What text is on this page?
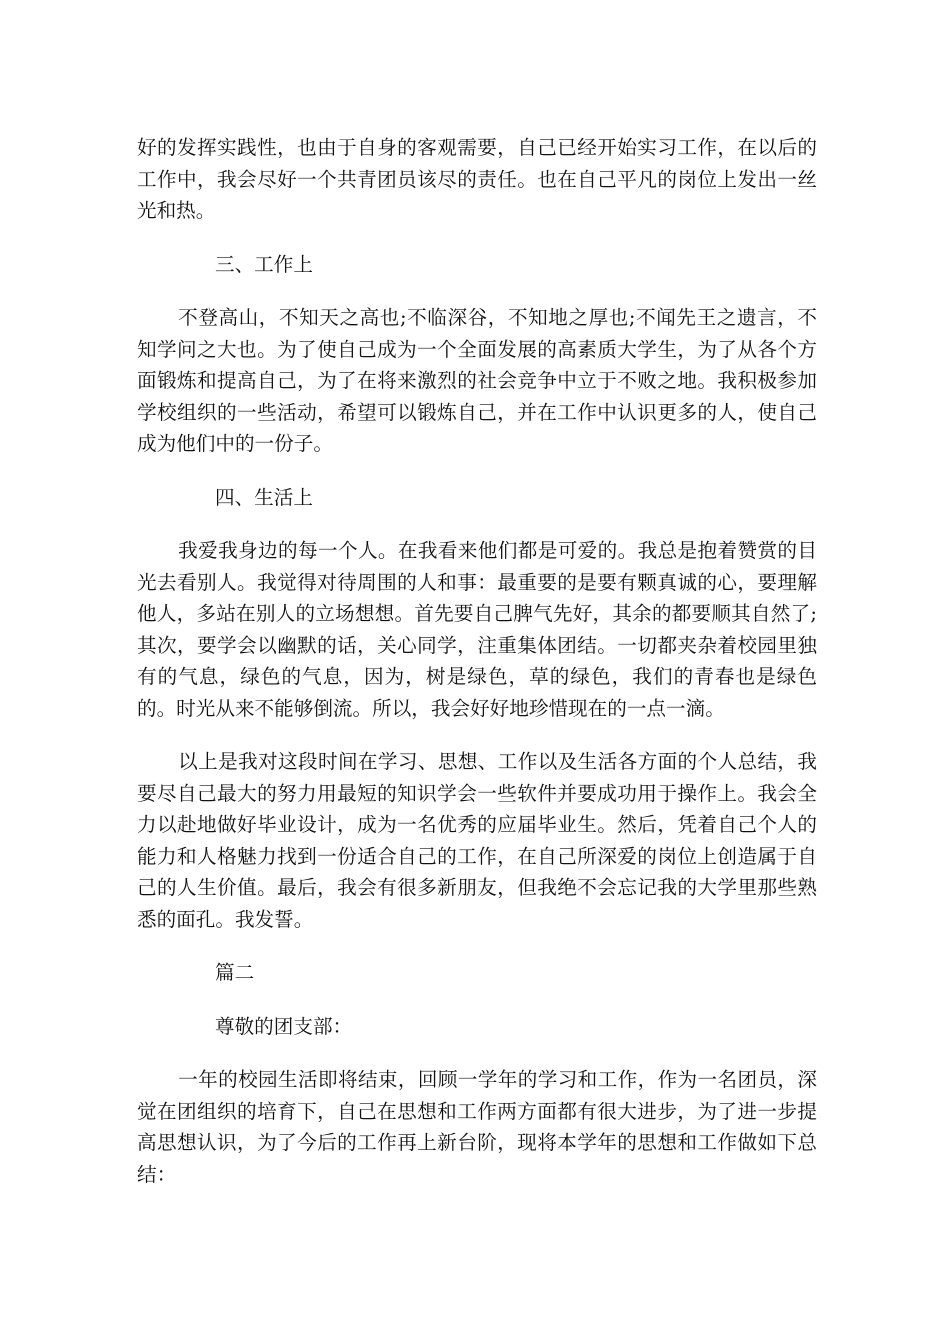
好的发挥实践性，也由于自身的客观需要，自己已经开始实习工作，在以后的工作中，我会尽好一个共青团员该尽的责任。也在自己平凡的岗位上发出一丝光和热。

三、工作上

不登高山，不知天之高也;不临深谷，不知地之厚也;不闻先王之遗言，不知学问之大也。为了使自己成为一个全面发展的高素质大学生，为了从各个方面锻炼和提高自己，为了在将来激烈的社会竞争中立于不败之地。我积极参加学校组织的一些活动，希望可以锻炼自己，并在工作中认识更多的人，使自己成为他们中的一份子。

四、生活上

我爱我身边的每一个人。在我看来他们都是可爱的。我总是抱着赞赏的目光去看别人。我觉得对待周围的人和事：最重要的是要有颗真诚的心，要理解他人，多站在别人的立场想想。首先要自己脾气先好，其余的都要顺其自然了;其次，要学会以幽默的话，关心同学，注重集体团结。一切都夹杂着校园里独有的气息，绿色的气息，因为，树是绿色，草的绿色，我们的青春也是绿色的。时光从来不能够倒流。所以，我会好好地珍惜现在的一点一滴。

以上是我对这段时间在学习、思想、工作以及生活各方面的个人总结，我要尽自己最大的努力用最短的知识学会一些软件并要成功用于操作上。我会全力以赴地做好毕业设计，成为一名优秀的应届毕业生。然后，凭着自己个人的能力和人格魅力找到一份适合自己的工作，在自己所深爱的岗位上创造属于自己的人生价值。最后，我会有很多新朋友，但我绝不会忘记我的大学里那些熟悉的面孔。我发誓。

篇二

尊敬的团支部：

一年的校园生活即将结束，回顾一学年的学习和工作，作为一名团员，深觉在团组织的培育下，自己在思想和工作两方面都有很大进步，为了进一步提高思想认识，为了今后的工作再上新台阶，现将本学年的思想和工作做如下总结：
